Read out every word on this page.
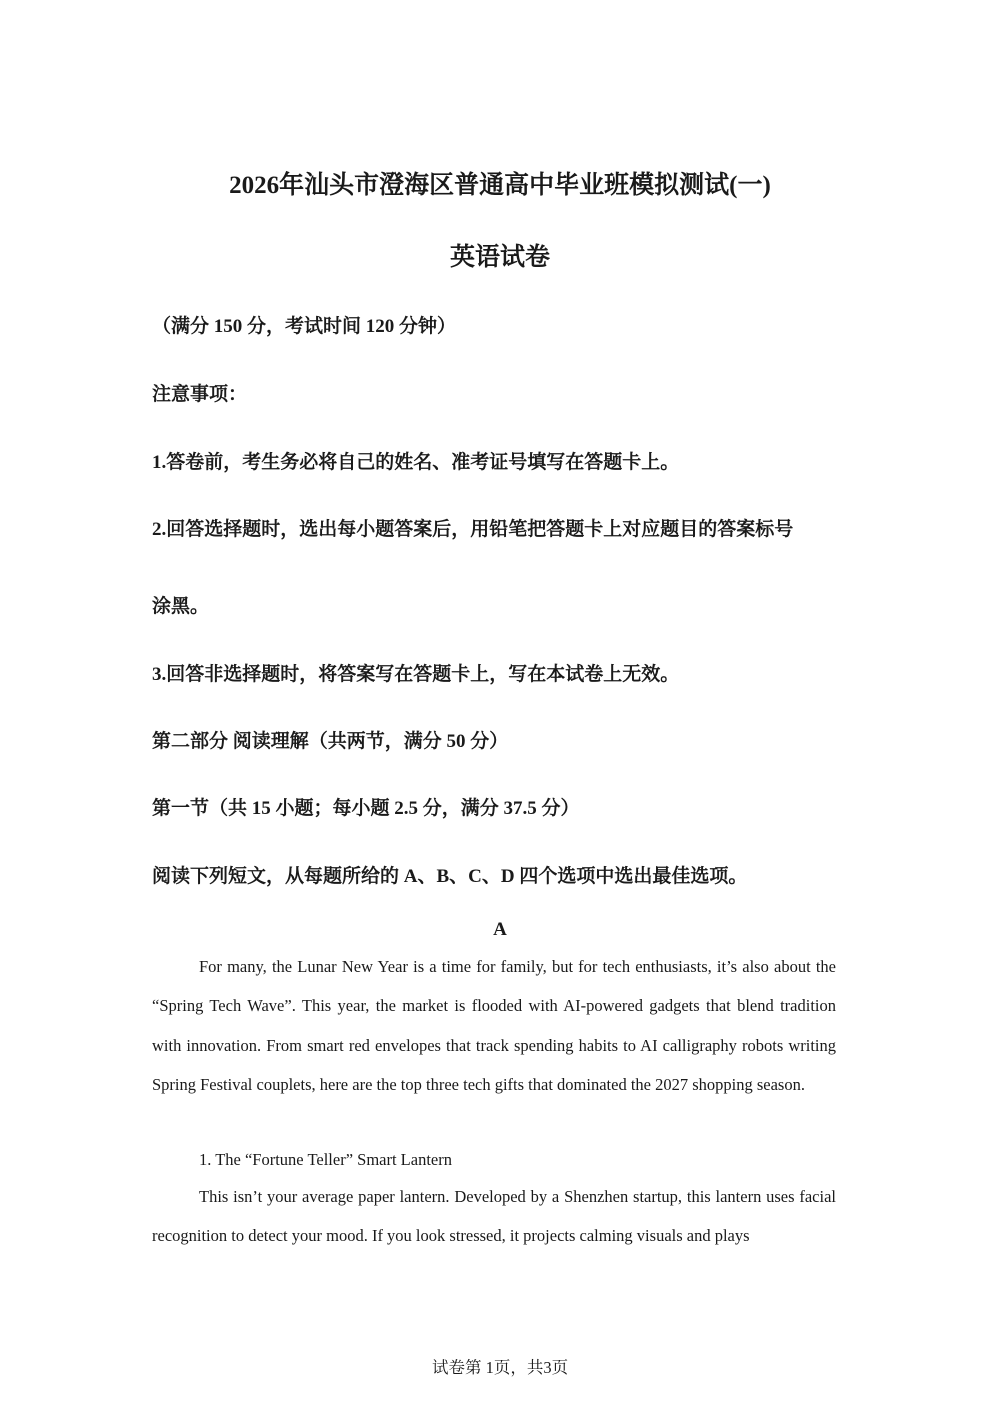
2026年汕头市澄海区普通高中毕业班模拟测试(一)
英语试卷
（满分 150 分，考试时间 120 分钟）
注意事项：
1.答卷前，考生务必将自己的姓名、准考证号填写在答题卡上。
2.回答选择题时，选出每小题答案后，用铅笔把答题卡上对应题目的答案标号
涂黑。
3.回答非选择题时，将答案写在答题卡上，写在本试卷上无效。
第二部分 阅读理解（共两节，满分 50 分）
第一节（共 15 小题；每小题 2.5 分，满分 37.5 分）
阅读下列短文，从每题所给的 A、B、C、D 四个选项中选出最佳选项。
A

For many, the Lunar New Year is a time for family, but for tech enthusiasts, it’s also about the “Spring Tech Wave”. This year, the market is flooded with AI-powered gadgets that blend tradition with innovation. From smart red envelopes that track spending habits to AI calligraphy robots writing Spring Festival couplets, here are the top three tech gifts that dominated the 2027 shopping season.

1. The “Fortune Teller” Smart Lantern

This isn’t your average paper lantern. Developed by a Shenzhen startup, this lantern uses facial recognition to detect your mood. If you look stressed, it projects calming visuals and plays

试卷第 1页，共3页
